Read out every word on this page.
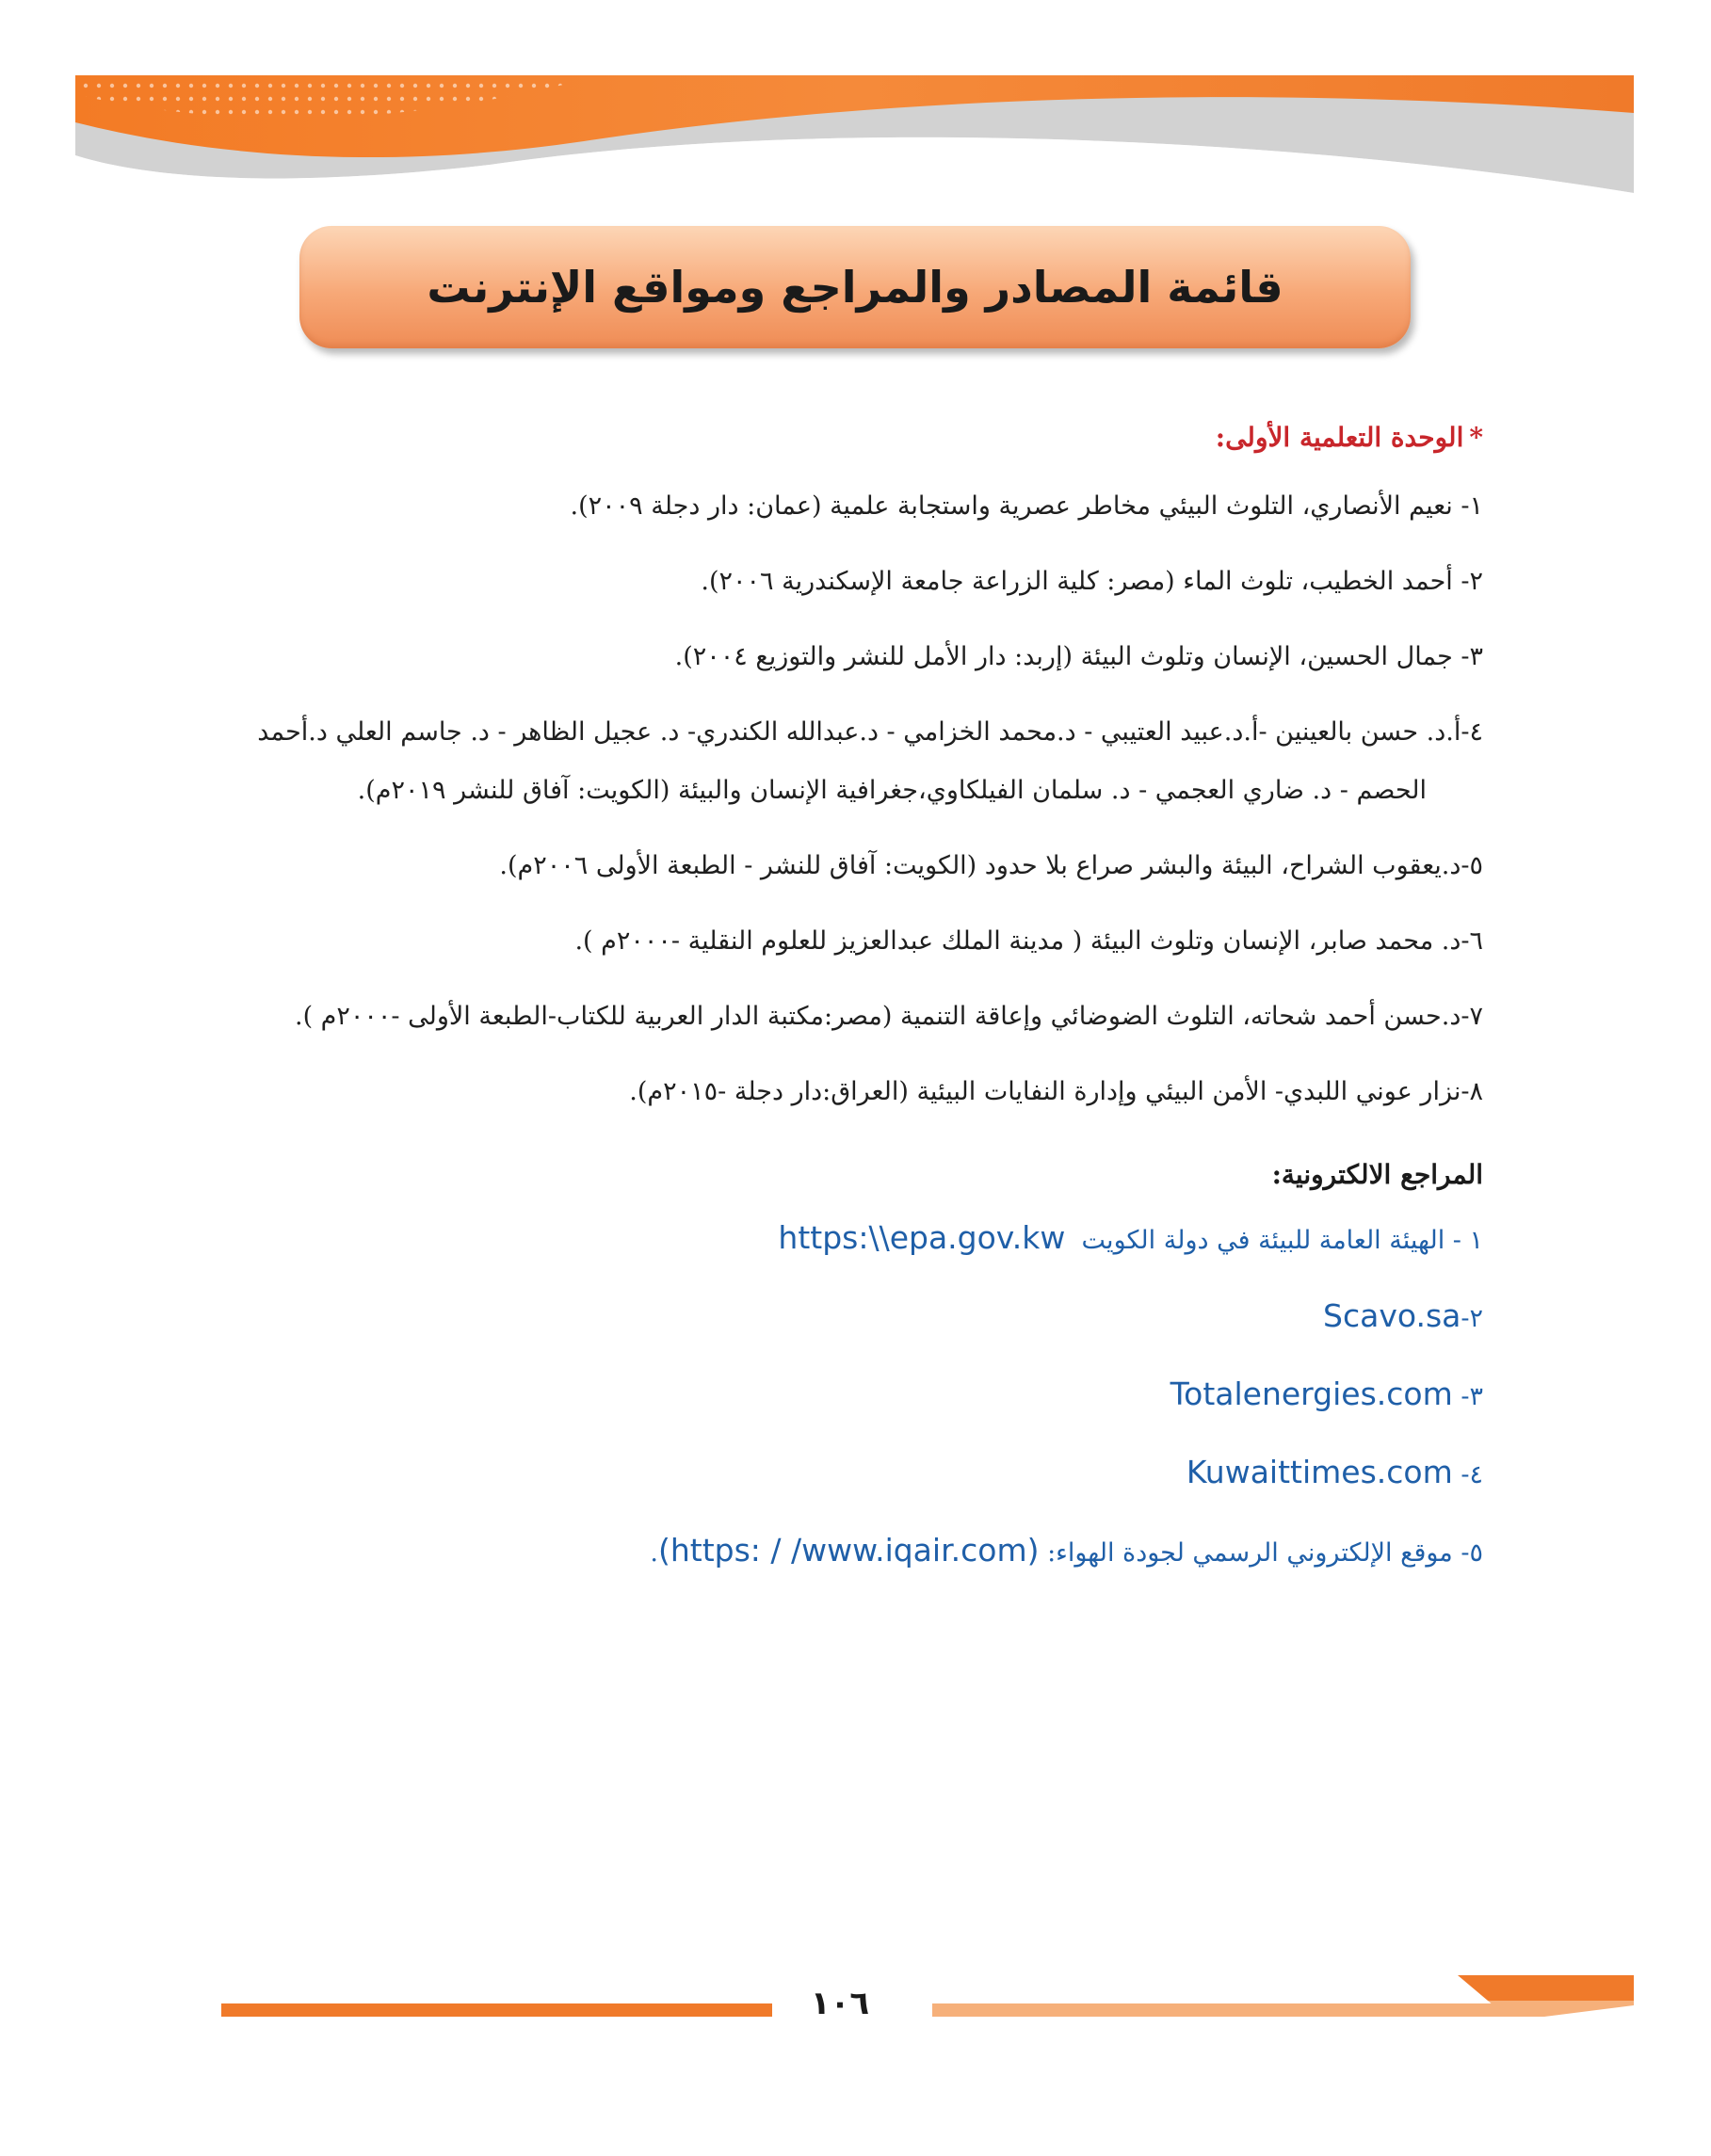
قائمة المصادر والمراجع ومواقع الإنترنت
*الوحدة التعلمية الأولى:
١- نعيم الأنصاري، التلوث البيئي مخاطر عصرية واستجابة علمية (عمان: دار دجلة ٢٠٠٩).
٢- أحمد الخطيب، تلوث الماء (مصر: كلية الزراعة جامعة الإسكندرية ٢٠٠٦).
٣- جمال الحسين، الإنسان وتلوث البيئة (إربد: دار الأمل للنشر والتوزيع ٢٠٠٤).
٤-أ.د. حسن بالعينين -أ.د.عبيد العتيبي - د.محمد الخزامي - د.عبدالله الكندري- د. عجيل الظاهر - د. جاسم العلي د.أحمد الحصم - د. ضاري العجمي - د. سلمان الفيلكاوي،جغرافية الإنسان والبيئة (الكويت: آفاق للنشر ٢٠١٩م).
٥-د.يعقوب الشراح، البيئة والبشر صراع بلا حدود (الكويت: آفاق للنشر - الطبعة الأولى ٢٠٠٦م).
٦-د. محمد صابر، الإنسان وتلوث البيئة ( مدينة الملك عبدالعزيز للعلوم النقلية -٢٠٠٠م ).
٧-د.حسن أحمد شحاته، التلوث الضوضائي وإعاقة التنمية (مصر:مكتبة الدار العربية للكتاب-الطبعة الأولى -٢٠٠٠م ).
٨-نزار عوني اللبدي- الأمن البيئي وإدارة النفايات البيئية (العراق:دار دجلة -٢٠١٥م).
المراجع الالكترونية:
١ - الهيئة العامة للبيئة في دولة الكويت  https:\\epa.gov.kw
٢-Scavo.sa
٣- Totalenergies.com
٤- Kuwaittimes.com
٥- موقع الإلكتروني الرسمي لجودة الهواء: (https: / /www.iqair.com).
١٠٦
